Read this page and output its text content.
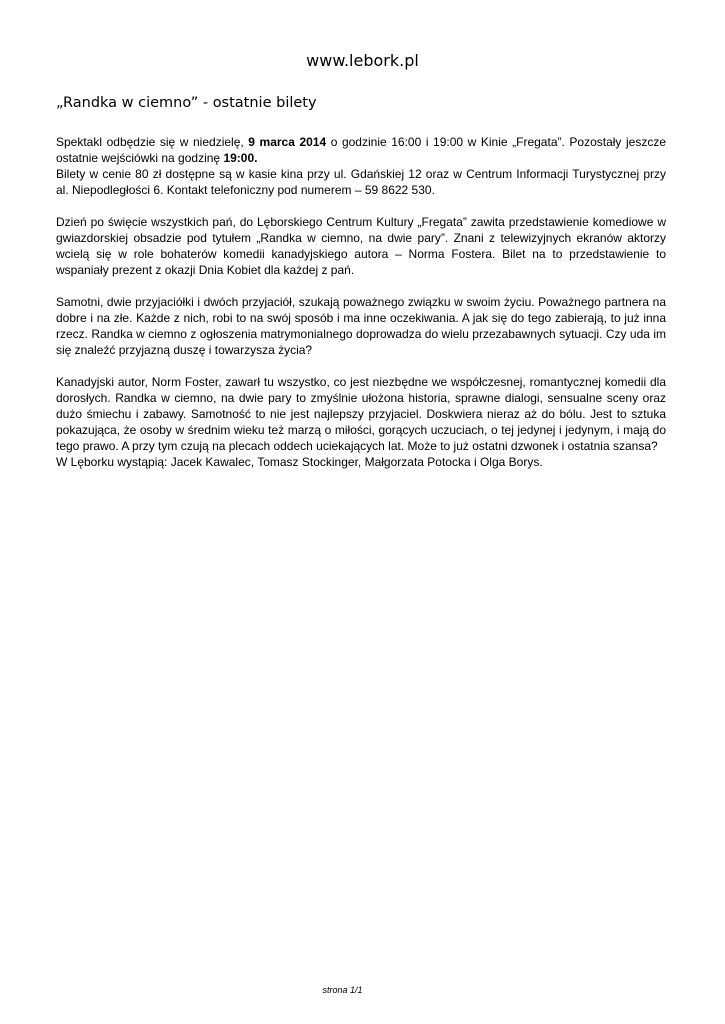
www.lebork.pl
„Randka w ciemno” - ostatnie bilety

Spektakl odbędzie się w niedzielę, 9 marca 2014 o godzinie 16:00 i 19:00 w Kinie „Fregata”. Pozostały jeszcze ostatnie wejściówki na godzinę 19:00.
Bilety w cenie 80 zł dostępne są w kasie kina przy ul. Gdańskiej 12 oraz w Centrum Informacji Turystycznej przy al. Niepodległości 6. Kontakt telefoniczny pod numerem – 59 8622 530.

Dzień po święcie wszystkich pań, do Lęborskiego Centrum Kultury „Fregata” zawita przedstawienie komediowe w gwiazdorskiej obsadzie pod tytułem „Randka w ciemno, na dwie pary”. Znani z telewizyjnych ekranów aktorzy wcielą się w role bohaterów komedii kanadyjskiego autora – Norma Fostera. Bilet na to przedstawienie to wspaniały prezent z okazji Dnia Kobiet dla każdej z pań.

Samotni, dwie przyjaciółki i dwóch przyjaciół, szukają poważnego związku w swoim życiu. Poważnego partnera na dobre i na złe. Każde z nich, robi to na swój sposób i ma inne oczekiwania. A jak się do tego zabierają, to już inna rzecz. Randka w ciemno z ogłoszenia matrymonialnego doprowadza do wielu przezabawnych sytuacji. Czy uda im się znaleźć przyjazną duszę i towarzysza życia?

Kanadyjski autor, Norm Foster, zawarł tu wszystko, co jest niezbędne we współczesnej, romantycznej komedii dla dorosłych. Randka w ciemno, na dwie pary to zmyślnie ułożona historia, sprawne dialogi, sensualne sceny oraz dużo śmiechu i zabawy. Samotność to nie jest najlepszy przyjaciel. Doskwiera nieraz aż do bólu. Jest to sztuka pokazująca, że osoby w średnim wieku też marzą o miłości, gorących uczuciach, o tej jedynej i jedynym, i mają do tego prawo. A przy tym czują na plecach oddech uciekających lat. Może to już ostatni dzwonek i ostatnia szansa?

W Lęborku wystąpią: Jacek Kawalec, Tomasz Stockinger, Małgorzata Potocka i Olga Borys.

strona 1/1
